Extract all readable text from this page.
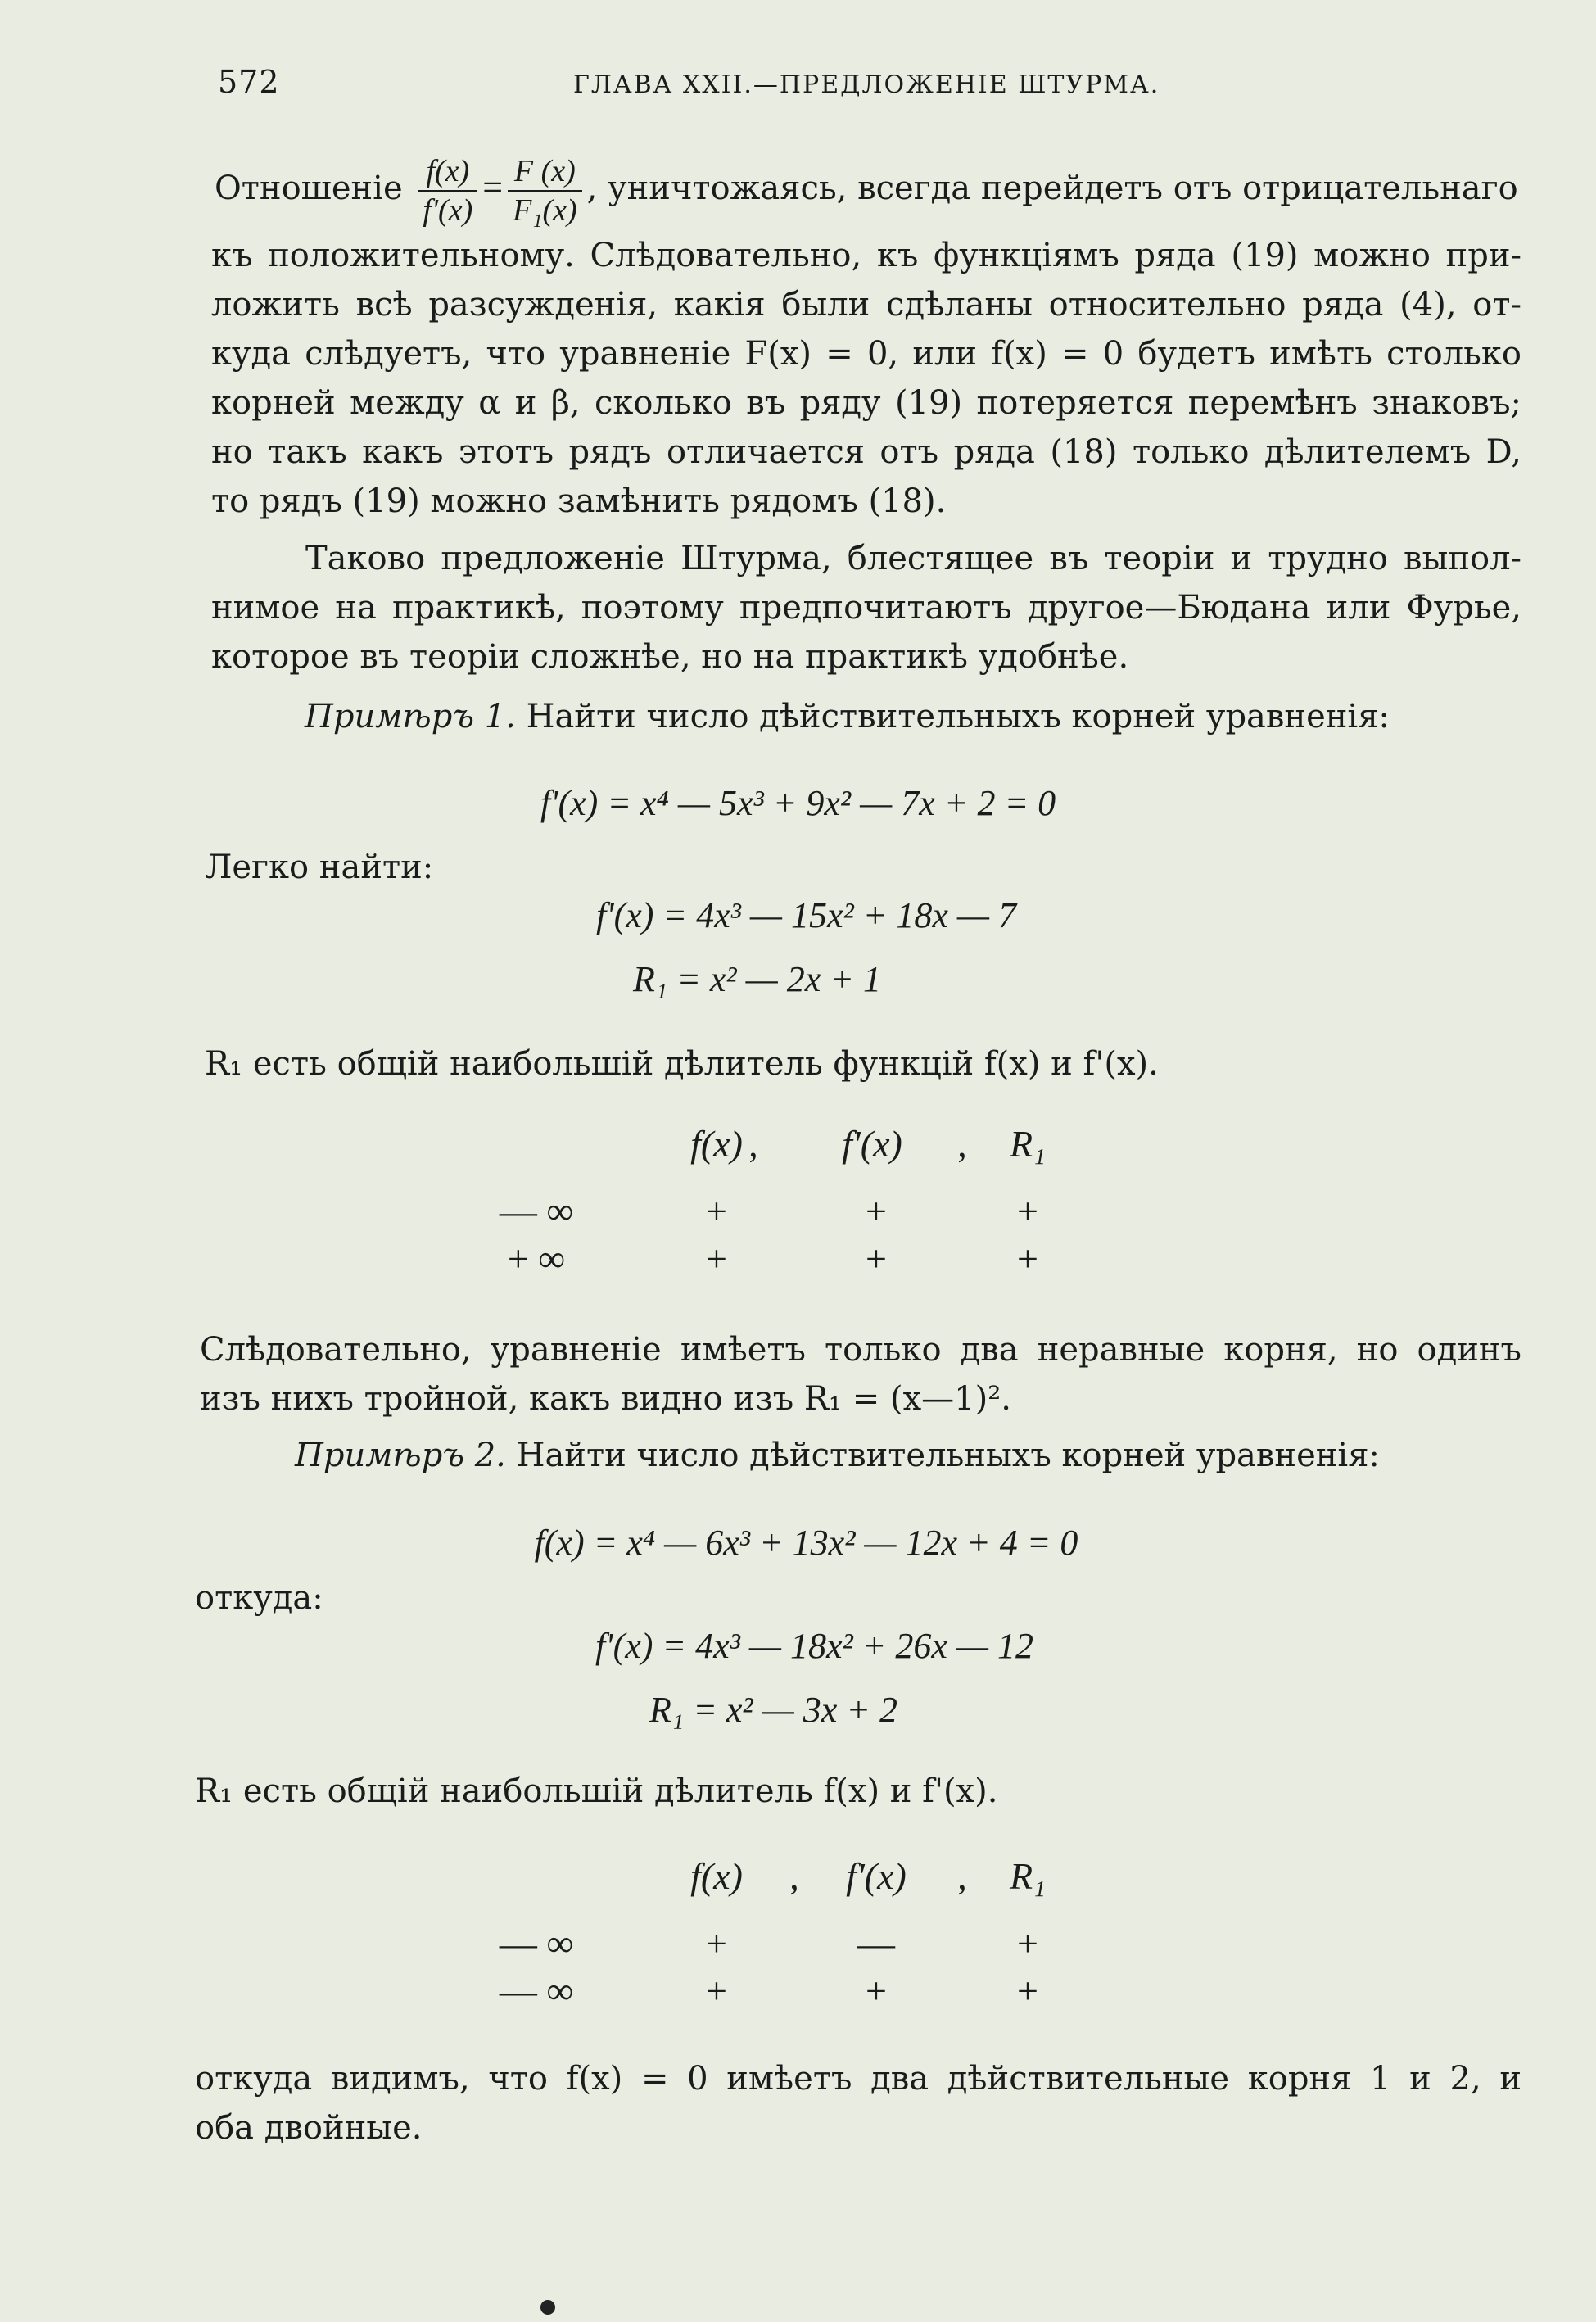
572	ГЛАВА XXII.—ПРЕДЛОЖЕНІЕ ШТУРМА.
Отношеніе $\frac{f(x)}{f'(x)} = \frac{F (x)}{\text{F₁(x)}}$ , уничтожаясь, всегда перейдетъ отъ отрицательнаго
къ положительному. Слѣдовательно, къ функціямъ ряда (19) можно при-
ложить всѣ разсужденія, какія были сдѣланы относительно ряда (4), от-
куда слѣдуетъ, что уравненіе F(x) = 0, или f(x) = 0 будетъ имѣть столько
корней между α и β, сколько въ ряду (19) потеряется перемѣнъ знаковъ;
но такъ какъ этотъ рядъ отличается отъ ряда (18) только дѣлителемъ D,
то рядъ (19) можно замѣнить рядомъ (18).
Таково предложеніе Штурма, блестящее въ теоріи и трудно выпол-
нимое на практикѣ, поэтому предпочитаютъ другое—Бюдана или Фурье,
которое въ теоріи сложнѣе, но на практикѣ удобнѣе.
Примѣръ 1. Найти число дѣйствительныхъ корней уравненія:
f'(x) = x⁴ — 5x³ + 9x² — 7x + 2 = 0
Легко найти:
f'(x) = 4x³ — 15x² + 18x — 7
R₁ = x² — 2x + 1
R₁ есть общій наибольшій дѣлитель функцій f(x) и f'(x).
f(x) ,	f'(x)	,	R₁
— ∞	+	+	+
+ ∞	+	+	+
Слѣдовательно, уравненіе имѣетъ только два неравные корня, но одинъ
изъ нихъ тройной, какъ видно изъ R₁ = (x—1)².
Примѣръ 2. Найти число дѣйствительныхъ корней уравненія:
f(x) = x⁴ — 6x³ + 13x² — 12x + 4 = 0
откуда:
f'(x) = 4x³ — 18x² + 26x — 12
R₁ = x² — 3x + 2
R₁ есть общій наибольшій дѣлитель f(x) и f'(x).
f(x)	,	f'(x)	,	R₁
— ∞	+	—	+
— ∞	+	+	+
откуда видимъ, что f(x) = 0 имѣетъ два дѣйствительные корня 1 и 2, и
оба двойные.
